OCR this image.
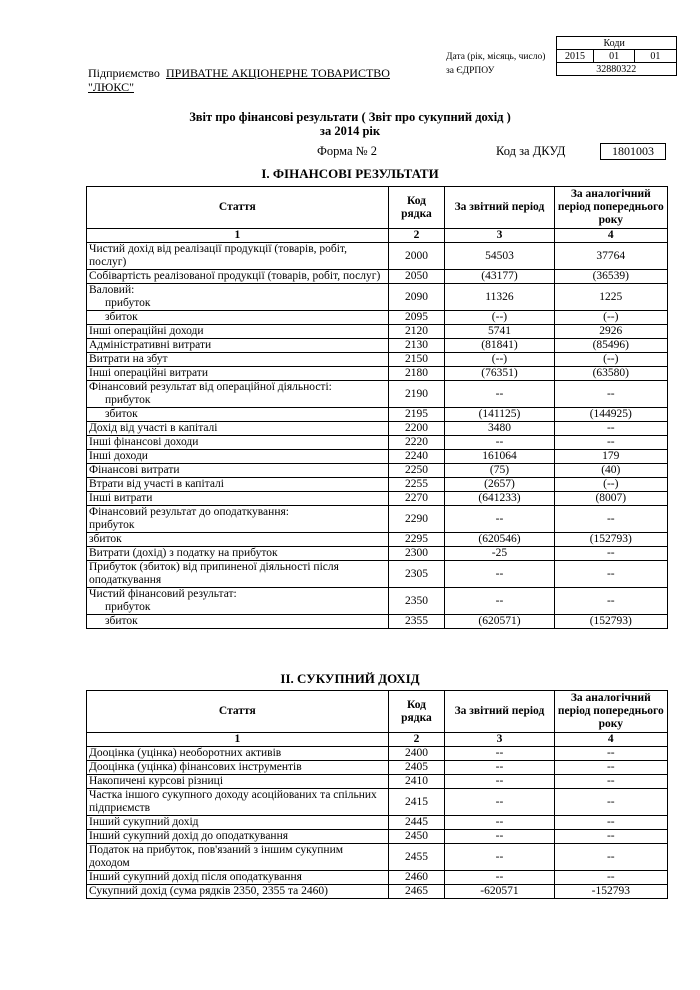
	Коди	
2015	01	01
32880322		
Дата (рік, місяць, число)
за ЄДРПОУ
Підприємство ПРИВАТНЕ АКЦІОНЕРНЕ ТОВАРИСТВО
"ЛЮКС"
Звіт про фінансові результати ( Звіт про сукупний дохід )
за 2014 рік
Форма № 2	Код за ДКУД	1801003
I. ФІНАНСОВІ РЕЗУЛЬТАТИ
Стаття	Код рядка	За звітний період	За аналогічний період попереднього року
1	2	3	4

Чистий дохід від реалізації продукції (товарів, робіт, послуг)	2000	54503	37764

Собівартість реалізованої продукції (товарів, робіт, послуг)	2050	(43177)	(36539)

Валовий:
прибуток	2090	11326	1225

збиток	2095	(--)	(--)

Інші операційні доходи	2120	5741	2926

Адміністративні витрати	2130	(81841)	(85496)

Витрати на збут	2150	(--)	(--)

Інші операційні витрати	2180	(76351)	(63580)

Фінансовий результат від операційної діяльності:
прибуток	2190	--	--

збиток	2195	(141125)	(144925)

Дохід від участі в капіталі	2200	3480	--

Інші фінансові доходи	2220	--	--

Інші доходи	2240	161064	179

Фінансові витрати	2250	(75)	(40)

Втрати від участі в капіталі	2255	(2657)	(--)

Інші витрати	2270	(641233)	(8007)

Фінансовий результат до оподаткування:
прибуток	2290	--	--

збиток	2295	(620546)	(152793)

Витрати (дохід) з податку на прибуток	2300	-25	--

Прибуток (збиток) від припиненої діяльності після оподаткування	2305	--	--

Чистий фінансовий результат:
прибуток	2350	--	--

збиток	2355	(620571)	(152793)
II. СУКУПНИЙ ДОХІД
Стаття	Код рядка	За звітний період	За аналогічний період попереднього року
1	2	3	4

Дооцінка (уцінка) необоротних активів	2400	--	--

Дооцінка (уцінка) фінансових інструментів	2405	--	--

Накопичені курсові різниці	2410	--	--

Частка іншого сукупного доходу асоційованих та спільних підприємств	2415	--	--

Інший сукупний дохід	2445	--	--

Інший сукупний дохід до оподаткування	2450	--	--

Податок на прибуток, пов'язаний з іншим сукупним доходом	2455	--	--

Інший сукупний дохід після оподаткування	2460	--	--

Сукупний дохід (сума рядків 2350, 2355 та 2460)	2465	-620571	-152793
